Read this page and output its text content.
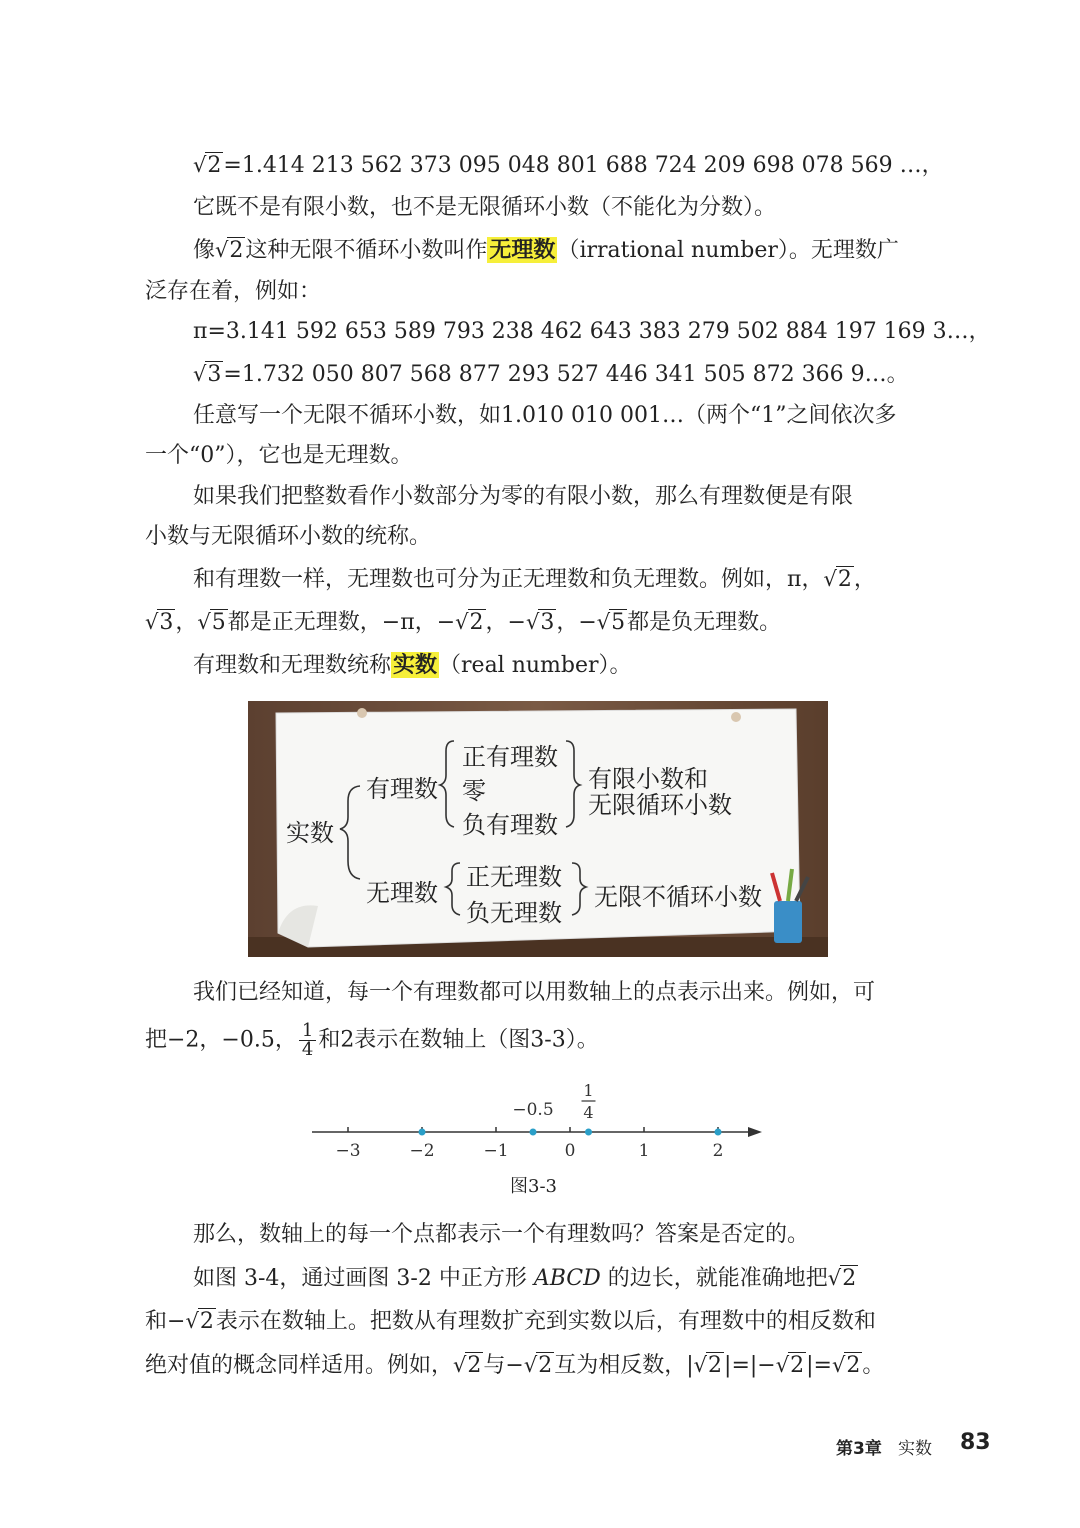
√2=1.414 213 562 373 095 048 801 688 724 209 698 078 569 …，
它既不是有限小数，也不是无限循环小数（不能化为分数）。
像√2这种无限不循环小数叫作无理数（irrational number）。无理数广
泛存在着，例如：
π=3.141 592 653 589 793 238 462 643 383 279 502 884 197 169 3…，
√3=1.732 050 807 568 877 293 527 446 341 505 872 366 9…。
任意写一个无限不循环小数，如1.010 010 001…（两个“1”之间依次多
一个“0”），它也是无理数。
如果我们把整数看作小数部分为零的有限小数，那么有理数便是有限
小数与无限循环小数的统称。
和有理数一样，无理数也可分为正无理数和负无理数。例如，π，√2，
√3，√5都是正无理数，−π，−√2，−√3，−√5都是负无理数。
有理数和无理数统称实数（real number）。
实数
有理数
正有理数
零
负有理数
有限小数和
无限循环小数
无理数
正无理数
负无理数
无限不循环小数
我们已经知道，每一个有理数都可以用数轴上的点表示出来。例如，可
把−2，−0.5， $\frac{1}{4}$ 和2表示在数轴上（图3-3）。
−3	−2	−1	0	1	2
−0.5
1
4
图3-3
那么，数轴上的每一个点都表示一个有理数吗？答案是否定的。
如图 3-4，通过画图 3-2 中正方形 ABCD 的边长，就能准确地把√2
和−√2表示在数轴上。把数从有理数扩充到实数以后，有理数中的相反数和
绝对值的概念同样适用。例如，√2与−√2互为相反数，|√2|=|−√2|=√2。
第3章 实数 83
